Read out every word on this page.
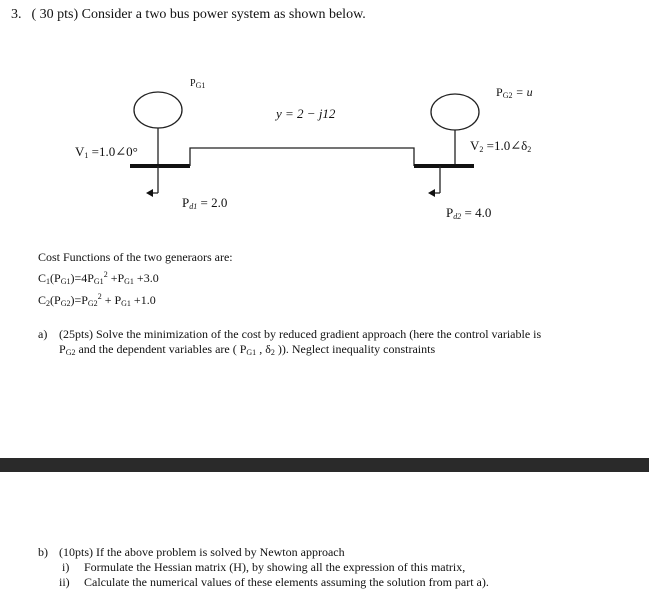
3. ( 30 pts) Consider a two bus power system as shown below.
$P_{G1}$	$P_{G2} = u$
y = 2 − j12
$V_1$ =1.0∠0°	$V_2$ $=1.0\angle\delta_2$
$P_{d1} = 2.0$
$P_{d2} = 4.0$
Cost Functions of the two generaors are:
$C_1(P_{G1})=4P_{G1}^2 +P_{G1} +3.0$
$C_2(P_{G2})=P_{G2}^2 + P_{G1} +1.0$
a) (25pts) Solve the minimization of the cost by reduced gradient approach (here the control variable is
$P_{G2}$ and the dependent variables are ( $P_{G1}$ , $\delta_2$ )). Neglect inequality constraints
b) (10pts) If the above problem is solved by Newton approach
i) Formulate the Hessian matrix (H), by showing all the expression of this matrix,
ii) Calculate the numerical values of these elements assuming the solution from part a).
